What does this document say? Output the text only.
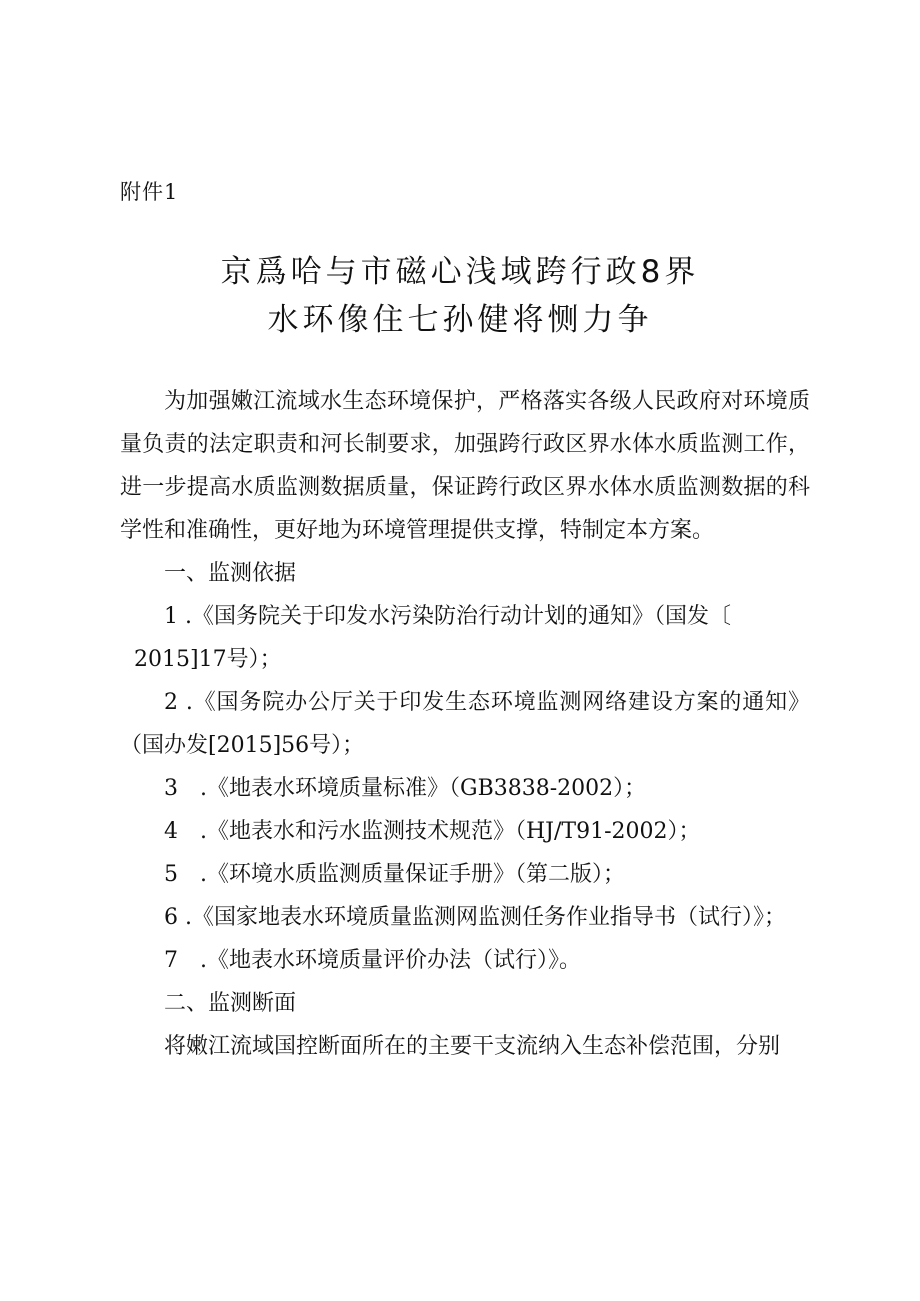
附件1
京爲哈与市磁心浅域跨行政8界
水环像住七孙健将恻力争

为加强嫩江流域水生态环境保护，严格落实各级人民政府对环境质量负责的法定职责和河长制要求，加强跨行政区界水体水质监测工作，进一步提高水质监测数据质量，保证跨行政区界水体水质监测数据的科学性和准确性，更好地为环境管理提供支撑，特制定本方案。

一、监测依据

1 .《国务院关于印发水污染防治行动计划的通知》（国发〔

2015]17号）；

2 .《国务院办公厅关于印发生态环境监测网络建设方案的通知》（国办发[2015]56号）；

3　.《地表水环境质量标准》（GB3838-2002）；

4　.《地表水和污水监测技术规范》（HJ/T91-2002）；

5　.《环境水质监测质量保证手册》（第二版）；

6 .《国家地表水环境质量监测网监测任务作业指导书（试行）》；

7　.《地表水环境质量评价办法（试行）》。

二、监测断面

将嫩江流域国控断面所在的主要干支流纳入生态补偿范围，分别
